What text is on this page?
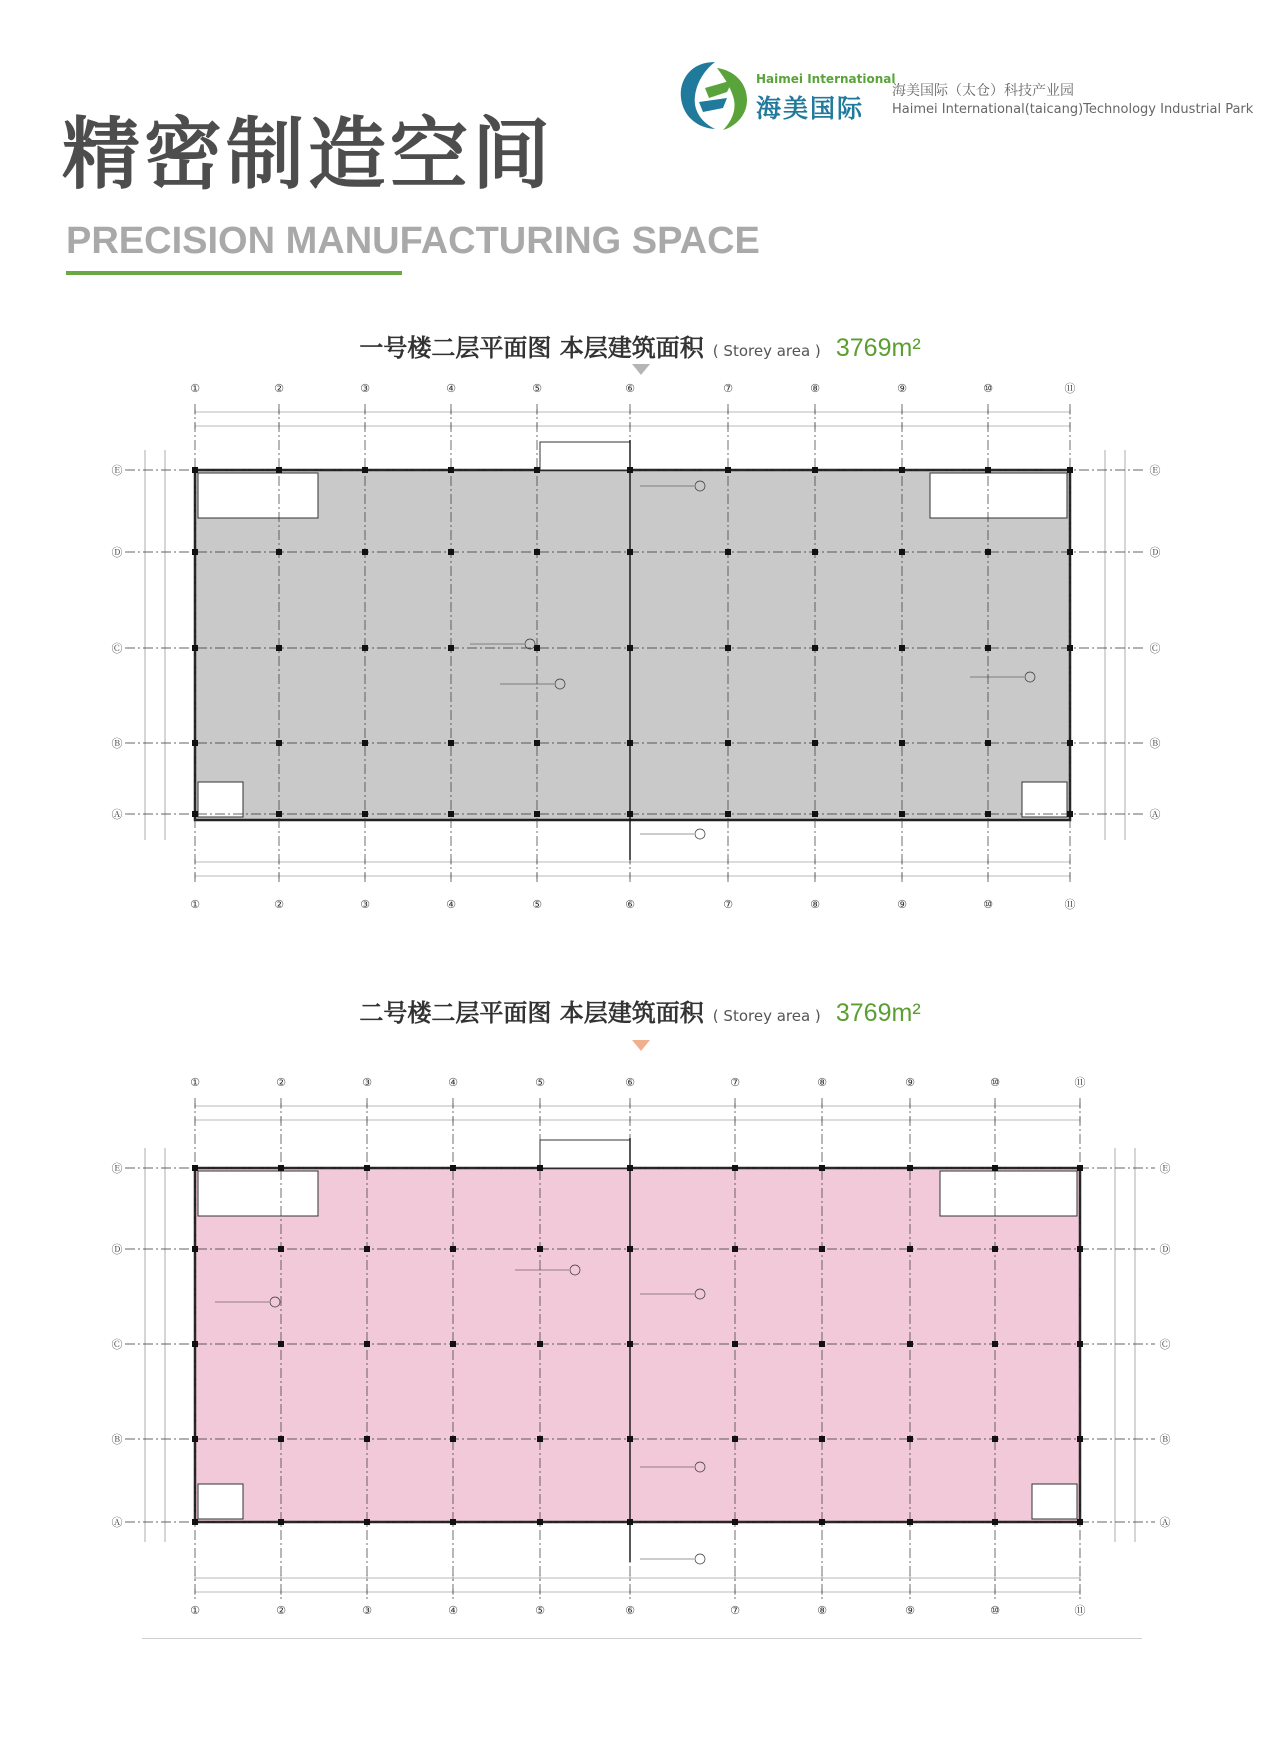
Haimei International
海美国际
海美国际（太仓）科技产业园
Haimei International(taicang)Technology Industrial Park
精密制造空间
PRECISION MANUFACTURING SPACE
一号楼二层平面图 本层建筑面积 ( Storey area ) 3769m²
①
①
②
②
③
③
④
④
⑤
⑤
⑥
⑥
⑦
⑦
⑧
⑧
⑨
⑨
⑩
⑩
⑪
⑪
Ⓔ	Ⓔ
Ⓓ	Ⓓ
Ⓒ	Ⓒ
Ⓑ	Ⓑ
Ⓐ	Ⓐ
二号楼二层平面图 本层建筑面积 ( Storey area ) 3769m²
①
①
②
②
③
③
④
④
⑤
⑤
⑥
⑥
⑦
⑦
⑧
⑧
⑨
⑨
⑩
⑩
⑪
⑪
Ⓔ	Ⓔ
Ⓓ	Ⓓ
Ⓒ	Ⓒ
Ⓑ	Ⓑ
Ⓐ	Ⓐ
